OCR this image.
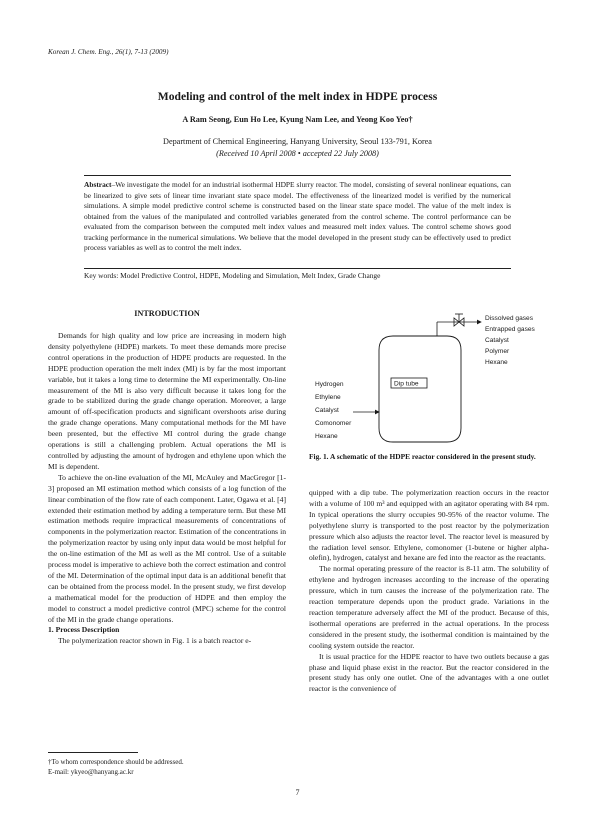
Korean J. Chem. Eng., 26(1), 7-13 (2009)
Modeling and control of the melt index in HDPE process
A Ram Seong, Eun Ho Lee, Kyung Nam Lee, and Yeong Koo Yeo†
Department of Chemical Engineering, Hanyang University, Seoul 133-791, Korea
(Received 10 April 2008 • accepted 22 July 2008)
Abstract–We investigate the model for an industrial isothermal HDPE slurry reactor. The model, consisting of several nonlinear equations, can be linearized to give sets of linear time invariant state space model. The effectiveness of the linearized model is verified by the numerical simulations. A simple model predictive control scheme is constructed based on the linear state space model. The value of the melt index is obtained from the values of the manipulated and controlled variables generated from the control scheme. The control performance can be evaluated from the comparison between the computed melt index values and measured melt index values. The control scheme shows good tracking performance in the numerical simulations. We believe that the model developed in the present study can be effectively used to predict process variables as well as to control the melt index.
Key words: Model Predictive Control, HDPE, Modeling and Simulation, Melt Index, Grade Change
INTRODUCTION

Demands for high quality and low price are increasing in modern high density polyethylene (HDPE) markets. To meet these demands more precise control operations in the production of HDPE products are requested. In the HDPE production operation the melt index (MI) is by far the most important variable, but it takes a long time to determine the MI experimentally. On-line measurement of the MI is also very difficult because it takes long for the grade to be stabilized during the grade change operation. Moreover, a large amount of off-specification products and significant overshoots arise during the grade change operations. Many computational methods for the MI have been presented, but the effective MI control during the grade change operations is still a challenging problem. Actual operations the MI is controlled by adjusting the amount of hydrogen and ethylene upon which the MI is dependent.

To achieve the on-line evaluation of the MI, McAuley and MacGregor [1-3] proposed an MI estimation method which consists of a log function of the linear combination of the flow rate of each component. Later, Ogawa et al. [4] extended their estimation method by adding a temperature term. But these MI estimation methods require impractical measurements of concentrations of components in the polymerization reactor. Estimation of the concentrations in the polymerization reactor by using only input data would be most helpful for the on-line estimation of the MI as well as the MI control. Use of a suitable process model is imperative to achieve both the correct estimation and control of the MI. Determination of the optimal input data is an additional benefit that can be obtained from the process model. In the present study, we first develop a mathematical model for the production of HDPE and then employ the model to construct a model predictive control (MPC) scheme for the control of the MI in the grade change operations.

1. Process Description

The polymerization reactor shown in Fig. 1 is a batch reactor e-

Dip tube
Dissolved gases
Entrapped gases
Catalyst
Polymer
Hexane
Hydrogen
Ethylene
Catalyst
Comonomer
Hexane
Fig. 1. A schematic of the HDPE reactor considered in the present study.

quipped with a dip tube. The polymerization reaction occurs in the reactor with a volume of 100 m³ and equipped with an agitator operating with 84 rpm. In typical operations the slurry occupies 90-95% of the reactor volume. The polyethylene slurry is transported to the post reactor by the polymerization pressure which also adjusts the reactor level. The reactor level is measured by the radiation level sensor. Ethylene, comonomer (1-butene or higher alpha-olefin), hydrogen, catalyst and hexane are fed into the reactor as the reactants.

The normal operating pressure of the reactor is 8-11 atm. The solubility of ethylene and hydrogen increases according to the increase of the operating pressure, which in turn causes the increase of the polymerization rate. The reaction temperature depends upon the product grade. Variations in the reaction temperature adversely affect the MI of the product. Because of this, isothermal operations are preferred in the actual operations. In the process considered in the present study, the isothermal condition is maintained by the cooling system outside the reactor.

It is usual practice for the HDPE reactor to have two outlets because a gas phase and liquid phase exist in the reactor. But the reactor considered in the present study has only one outlet. One of the advantages with a one outlet reactor is the convenience of

†To whom correspondence should be addressed.
E-mail: ykyeo@hanyang.ac.kr
7
